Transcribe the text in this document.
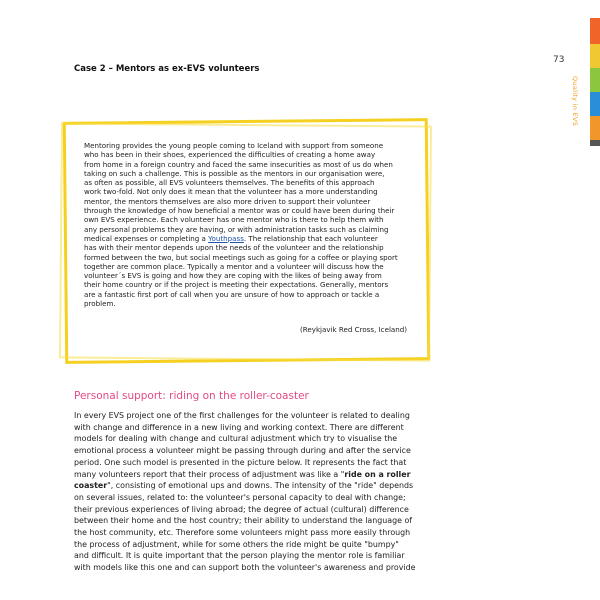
73
Quality in EVS
Case 2 – Mentors as ex-EVS volunteers
Mentoring provides the young people coming to Iceland with support from someone
who has been in their shoes, experienced the difficulties of creating a home away
from home in a foreign country and faced the same insecurities as most of us do when
taking on such a challenge. This is possible as the mentors in our organisation were,
as often as possible, all EVS volunteers themselves. The benefits of this approach
work two-fold. Not only does it mean that the volunteer has a more understanding
mentor, the mentors themselves are also more driven to support their volunteer
through the knowledge of how beneficial a mentor was or could have been during their
own EVS experience. Each volunteer has one mentor who is there to help them with
any personal problems they are having, or with administration tasks such as claiming
medical expenses or completing a Youthpass. The relationship that each volunteer
has with their mentor depends upon the needs of the volunteer and the relationship
formed between the two, but social meetings such as going for a coffee or playing sport
together are common place. Typically a mentor and a volunteer will discuss how the
volunteer´s EVS is going and how they are coping with the likes of being away from
their home country or if the project is meeting their expectations. Generally, mentors
are a fantastic first port of call when you are unsure of how to approach or tackle a
problem.
(Reykjavik Red Cross, Iceland)
Personal support: riding on the roller-coaster
In every EVS project one of the first challenges for the volunteer is related to dealing
with change and difference in a new living and working context. There are different
models for dealing with change and cultural adjustment which try to visualise the
emotional process a volunteer might be passing through during and after the service
period. One such model is presented in the picture below. It represents the fact that
many volunteers report that their process of adjustment was like a "ride on a roller
coaster", consisting of emotional ups and downs. The intensity of the "ride" depends
on several issues, related to: the volunteer's personal capacity to deal with change;
their previous experiences of living abroad; the degree of actual (cultural) difference
between their home and the host country; their ability to understand the language of
the host community, etc. Therefore some volunteers might pass more easily through
the process of adjustment, while for some others the ride might be quite "bumpy"
and difficult. It is quite important that the person playing the mentor role is familiar
with models like this one and can support both the volunteer's awareness and provide
